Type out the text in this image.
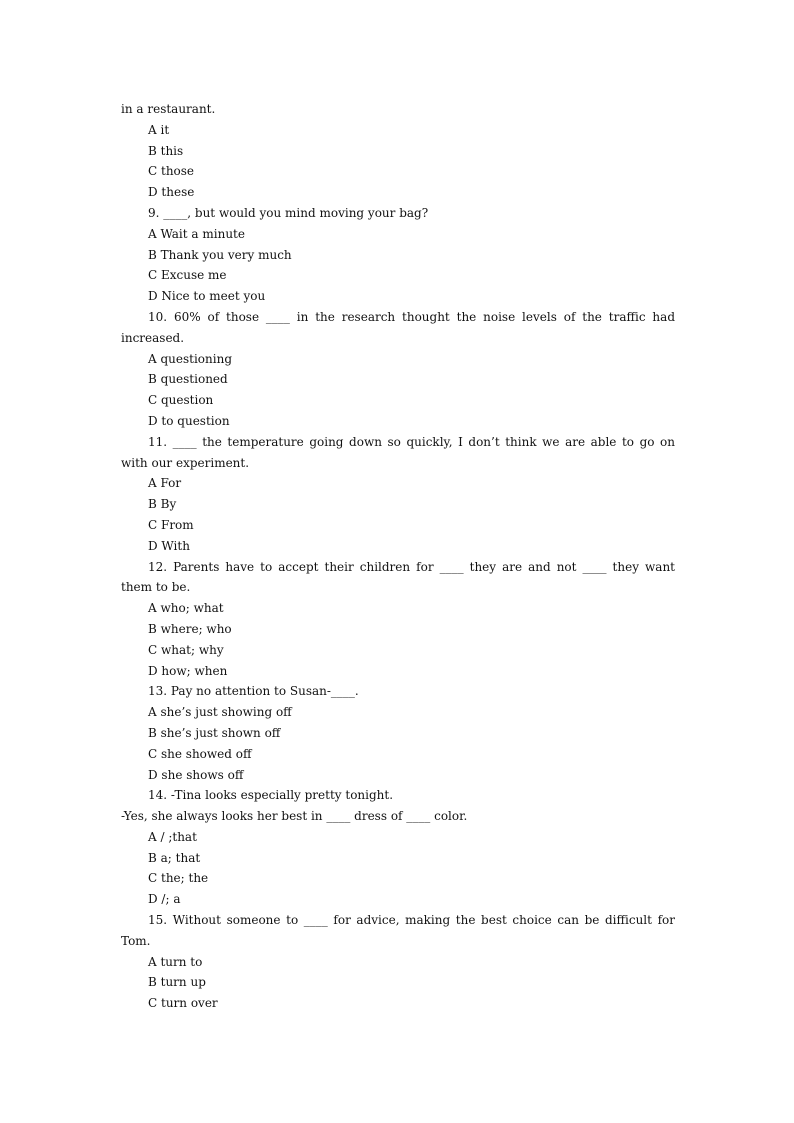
in a restaurant.
A it
B this
C those
D these
9. ____, but would you mind moving your bag?
A Wait a minute
B Thank you very much
C Excuse me
D Nice to meet you

10. 60% of those ____ in the research thought the noise levels of the traffic had increased.

A questioning
B questioned
C question
D to question

11. ____ the temperature going down so quickly, I don’t think we are able to go on with our experiment.

A For
B By
C From
D With

12. Parents have to accept their children for ____ they are and not ____ they want them to be.

A who; what
B where; who
C what; why
D how; when
13. Pay no attention to Susan-____.
A she’s just showing off
B she’s just shown off
C she showed off
D she shows off
14. -Tina looks especially pretty tonight.
-Yes, she always looks her best in ____ dress of ____ color.
A / ;that
B a; that
C the; the
D /; a

15. Without someone to ____ for advice, making the best choice can be difficult for Tom.

A turn to
B turn up
C turn over
